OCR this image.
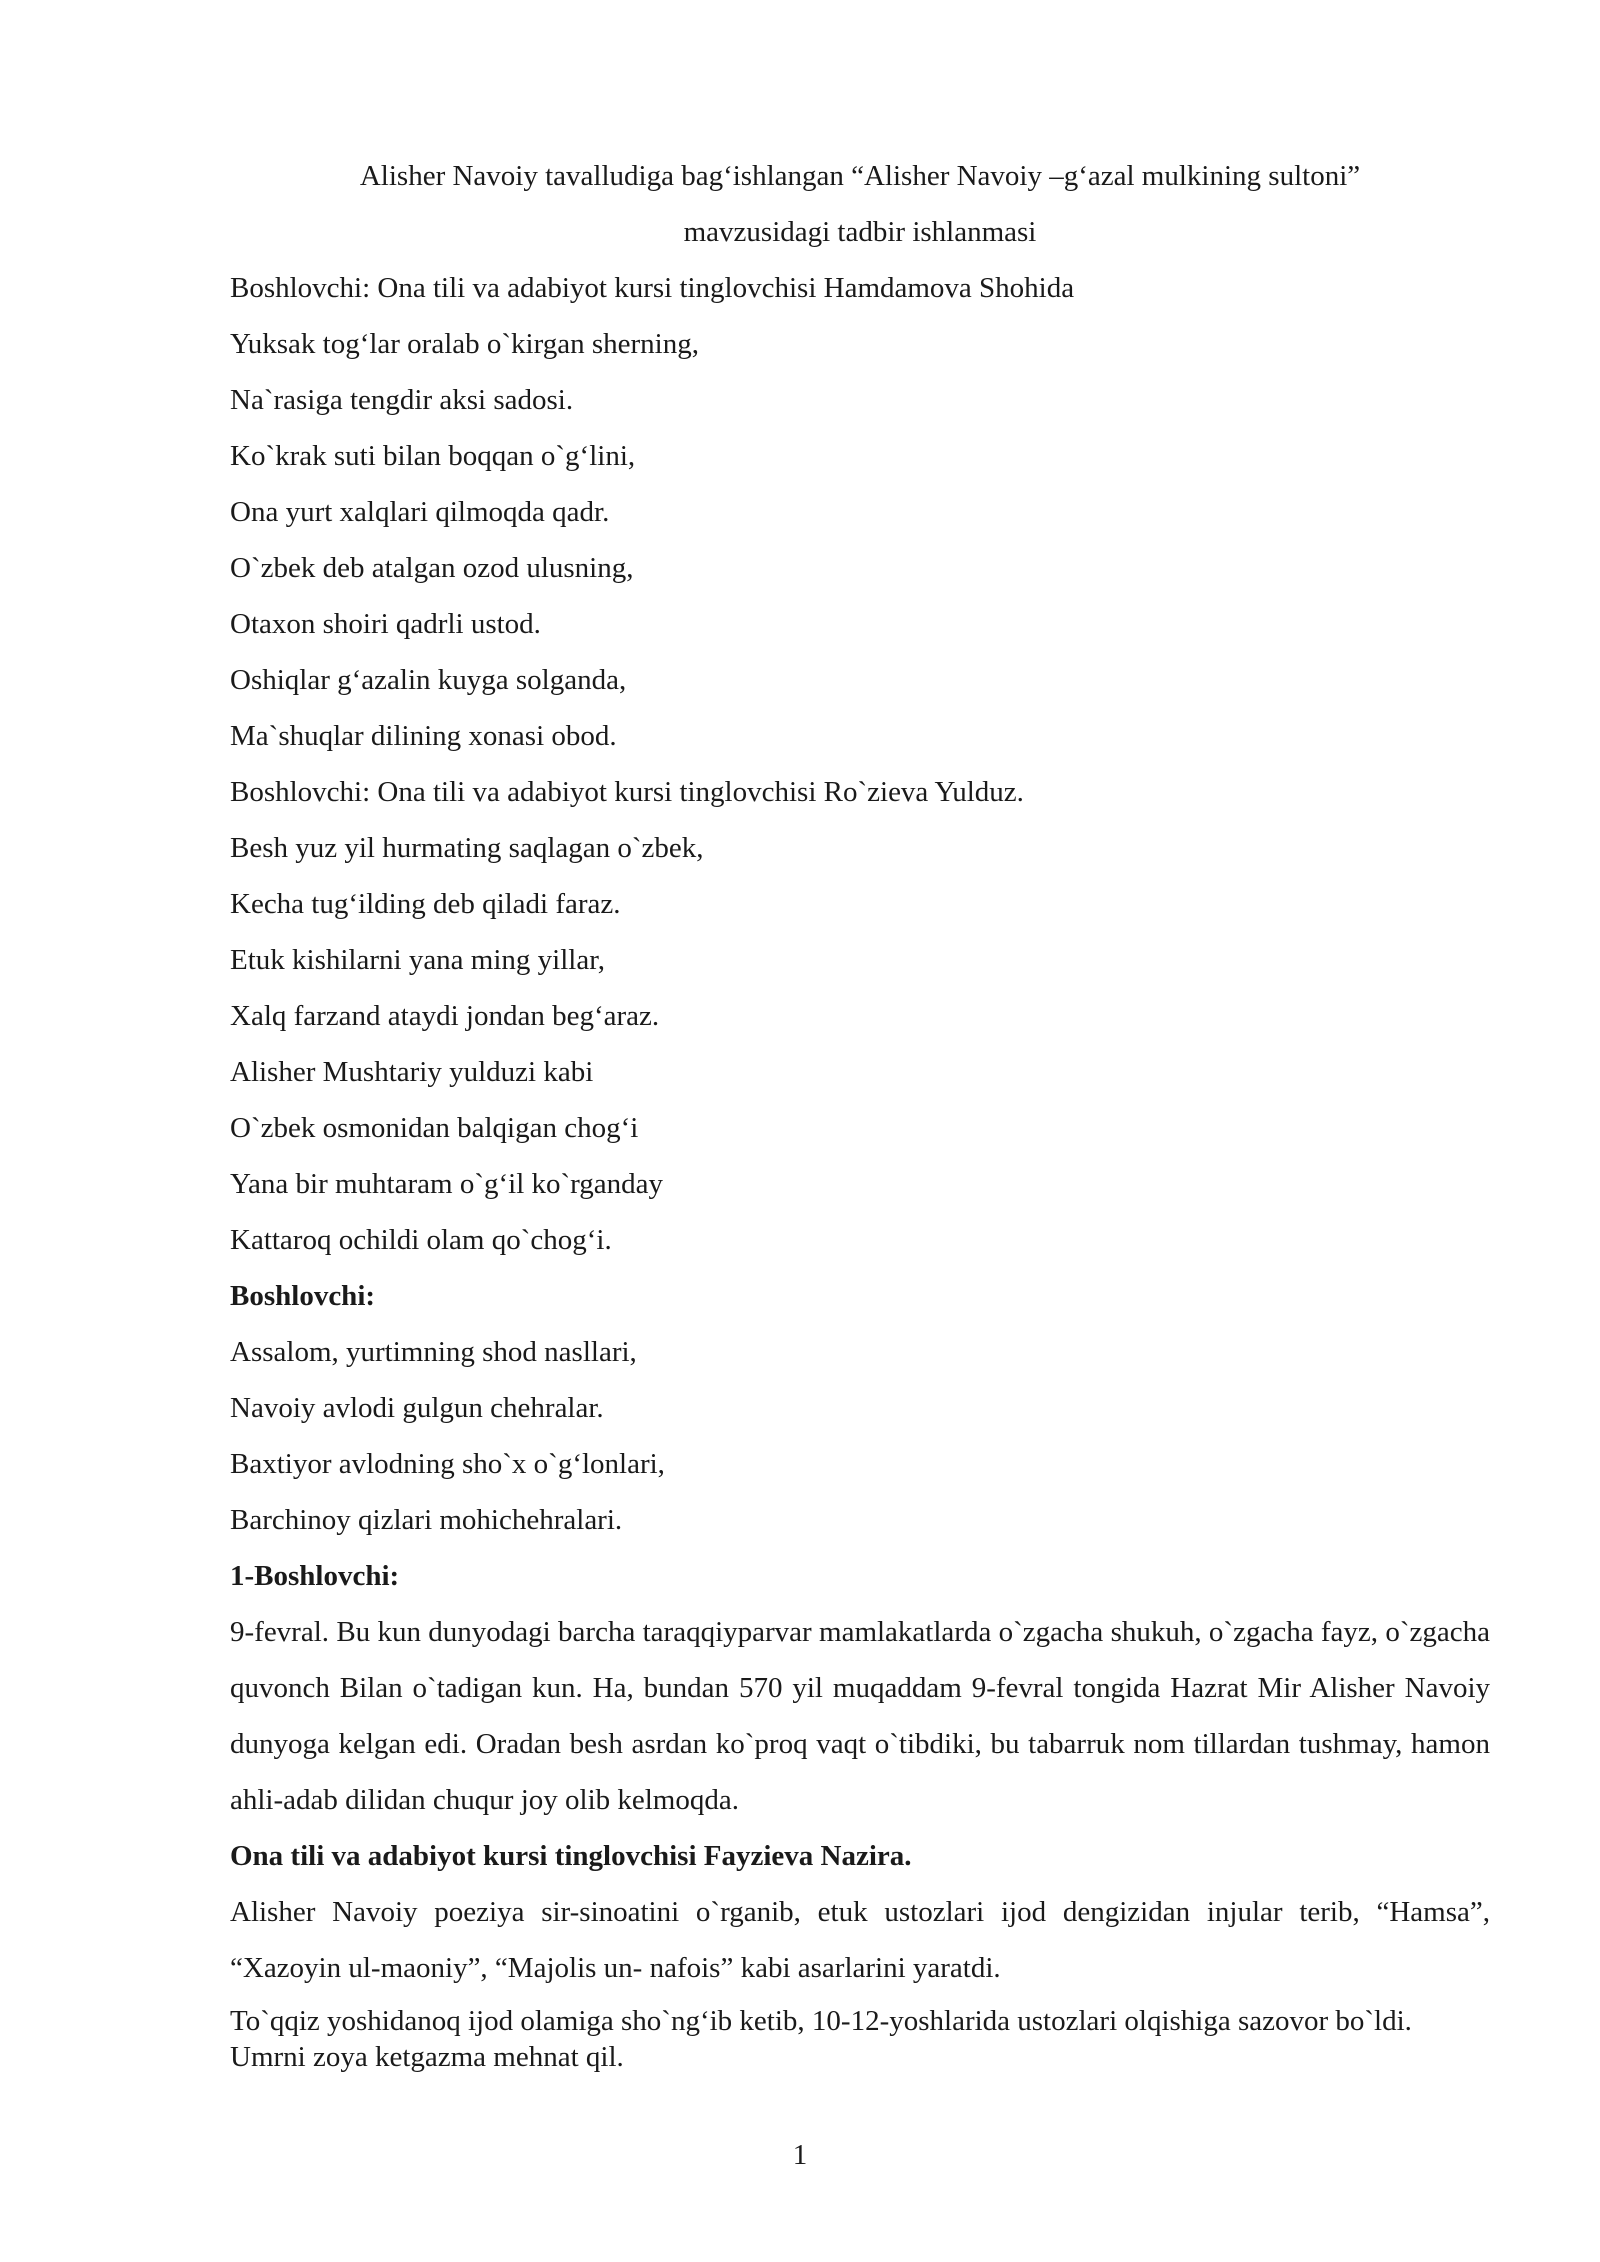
Alisher Navoiy tavalludiga bag‘ishlangan “Alisher Navoiy –g‘azal mulkining sultoni”

mavzusidagi tadbir ishlanmasi

Boshlovchi: Ona tili va adabiyot kursi tinglovchisi Hamdamova Shohida

Yuksak tog‘lar oralab o`kirgan sherning,

Na`rasiga tengdir aksi sadosi.

Ko`krak suti bilan boqqan o`g‘lini,

Ona yurt xalqlari qilmoqda qadr.

O`zbek deb atalgan ozod ulusning,

Otaxon shoiri qadrli ustod.

Oshiqlar g‘azalin kuyga solganda,

Ma`shuqlar dilining xonasi obod.

Boshlovchi: Ona tili va adabiyot kursi tinglovchisi Ro`zieva Yulduz.

Besh yuz yil hurmating saqlagan o`zbek,

Kecha tug‘ilding deb qiladi faraz.

Etuk kishilarni yana ming yillar,

Xalq farzand ataydi jondan beg‘araz.

Alisher Mushtariy yulduzi kabi

O`zbek osmonidan balqigan chog‘i

Yana bir muhtaram o`g‘il ko`rganday

Kattaroq ochildi olam qo`chog‘i.

Boshlovchi:

Assalom, yurtimning shod nasllari,

Navoiy avlodi gulgun chehralar.

Baxtiyor avlodning sho`x o`g‘lonlari,

Barchinoy qizlari mohichehralari.

1-Boshlovchi:

9-fevral. Bu kun dunyodagi barcha taraqqiyparvar mamlakatlarda o`zgacha shukuh, o`zgacha fayz, o`zgacha quvonch Bilan o`tadigan kun. Ha, bundan 570 yil muqaddam 9-fevral tongida Hazrat Mir Alisher Navoiy dunyoga kelgan edi. Oradan besh asrdan ko`proq vaqt o`tibdiki, bu tabarruk nom tillardan tushmay, hamon ahli-adab dilidan chuqur joy olib kelmoqda.

Ona tili va adabiyot kursi tinglovchisi Fayzieva Nazira.

Alisher Navoiy poeziya sir-sinoatini o`rganib, etuk ustozlari ijod dengizidan injular terib, “Hamsa”, “Xazoyin ul-maoniy”, “Majolis un- nafois” kabi asarlarini yaratdi.

To`qqiz yoshidanoq ijod olamiga sho`ng‘ib ketib, 10-12-yoshlarida ustozlari olqishiga sazovor bo`ldi.

Umrni zoya ketgazma mehnat qil.

1
